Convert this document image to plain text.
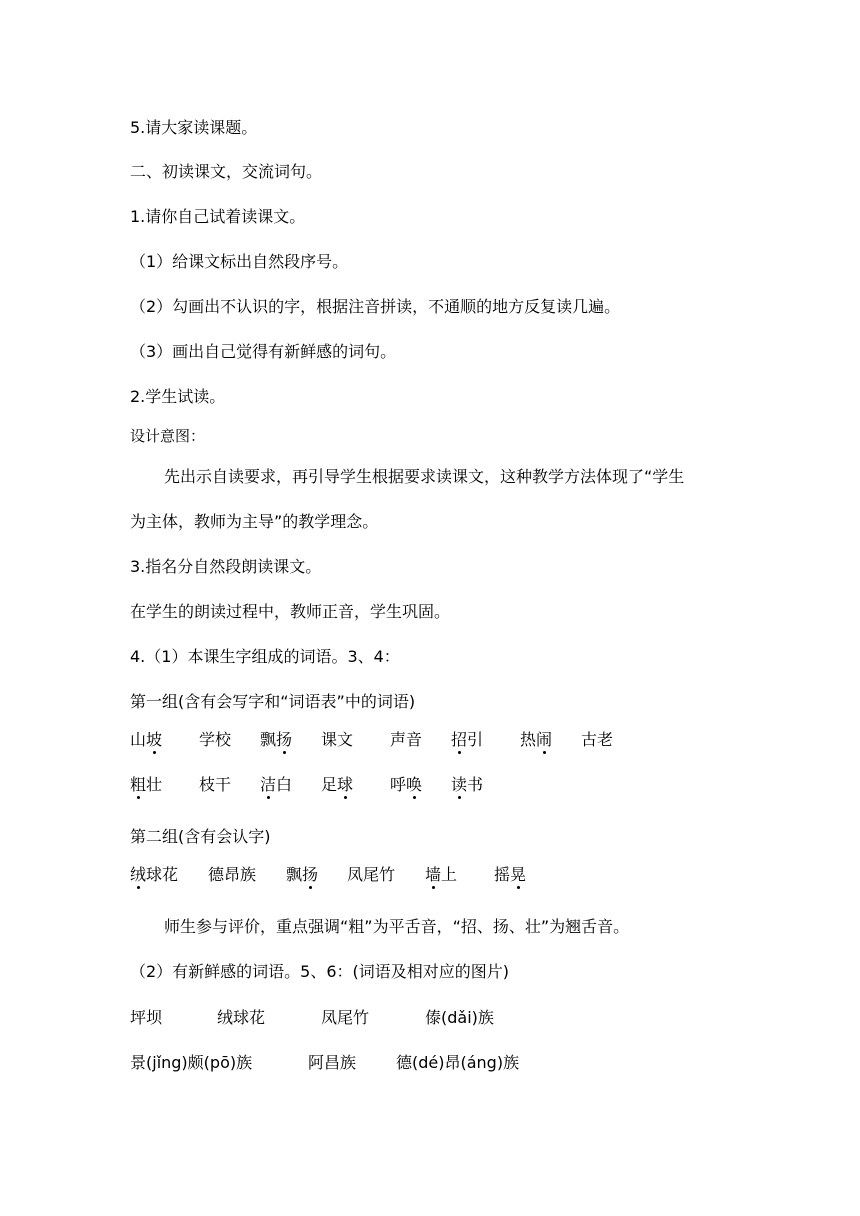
5.请大家读课题。
二、初读课文，交流词句。
1.请你自己试着读课文。
（1）给课文标出自然段序号。
（2）勾画出不认识的字，根据注音拼读，不通顺的地方反复读几遍。
（3）画出自己觉得有新鲜感的词句。
2.学生试读。
设计意图：
先出示自读要求，再引导学生根据要求读课文，这种教学方法体现了“学生
为主体，教师为主导”的教学理念。
3.指名分自然段朗读课文。
在学生的朗读过程中，教师正音，学生巩固。
4.（1）本课生字组成的词语。3、4：
第一组(含有会写字和“词语表”中的词语)
山坡 学校 飘扬 课文 声音 招引 热闹 古老
粗壮 枝干 洁白 足球 呼唤 读书
第二组(含有会认字)
绒球花 德昂族 飘扬 凤尾竹 墙上 摇晃
师生参与评价，重点强调“粗”为平舌音，“招、扬、壮”为翘舌音。
（2）有新鲜感的词语。5、6：(词语及相对应的图片)
坪坝	绒球花	凤尾竹	傣(dǎi)族
景(jǐng)颇(pō)族	阿昌族 德(dé)昂(áng)族
